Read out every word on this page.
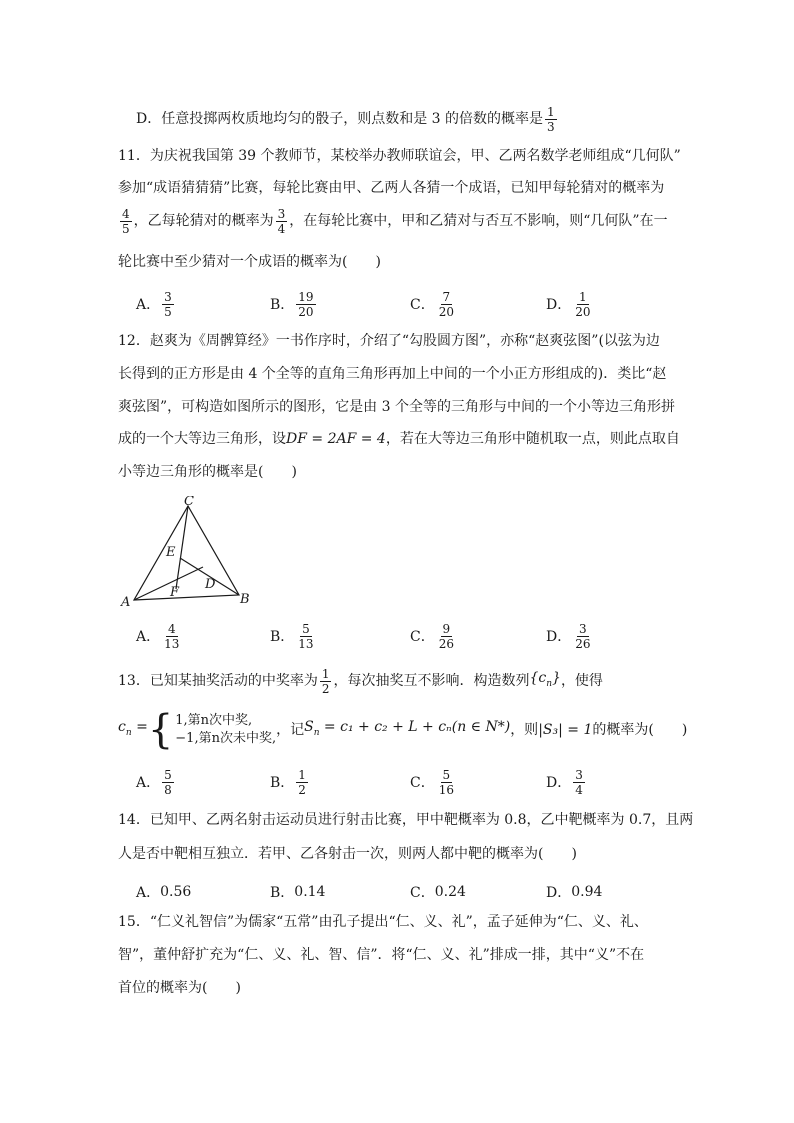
D．任意投掷两枚质地均匀的骰子，则点数和是 3 的倍数的概率是 $\frac{1}{3}$
11．为庆祝我国第 39 个教师节，某校举办教师联谊会，甲、乙两名数学老师组成“几何队”
参加“成语猜猜猜”比赛，每轮比赛由甲、乙两人各猜一个成语，已知甲每轮猜对的概率为
$\frac{4}{5}$ ，乙每轮猜对的概率为 $\frac{3}{4}$ ，在每轮比赛中，甲和乙猜对与否互不影响，则“几何队”在一
轮比赛中至少猜对一个成语的概率为(　　)
A． $\frac{3}{5}$	B． $\frac{19}{20}$	C． $\frac{7}{20}$	D． $\frac{1}{20}$
12．赵爽为《周髀算经》一书作序时，介绍了“勾股圆方图”，亦称“赵爽弦图”(以弦为边
长得到的正方形是由 4 个全等的直角三角形再加上中间的一个小正方形组成的)．类比“赵
爽弦图”，可构造如图所示的图形，它是由 3 个全等的三角形与中间的一个小等边三角形拼
成的一个大等边三角形，设DF = 2AF = 4，若在大等边三角形中随机取一点，则此点取自
小等边三角形的概率是(　　)
C
E
D
F
A	B
A． $\frac{4}{13}$	B． $\frac{5}{13}$	C． $\frac{9}{26}$	D． $\frac{3}{26}$
13．已知某抽奖活动的中奖率为 $\frac{1}{2}$ ，每次抽奖互不影响．构造数列 $\{c_n\}$ ，使得
$c_n$ = { 1,第n次中奖,
−1,第n次未中奖,
，记 $S_n = c_1 + c_2 + L + c_n(n$ ∈ N*) ，则 |S₃| = 1 的概率为(　　)
A． $\frac{5}{8}$	B． $\frac{1}{2}$	C． $\frac{5}{16}$	D． $\frac{3}{4}$
14．已知甲、乙两名射击运动员进行射击比赛，甲中靶概率为 0.8，乙中靶概率为 0.7，且两
人是否中靶相互独立．若甲、乙各射击一次，则两人都中靶的概率为(　　)
A． 0.56	B． 0.14	C． 0.24	D． 0.94
15．“仁义礼智信”为儒家“五常”由孔子提出“仁、义、礼”，孟子延伸为“仁、义、礼、
智”，董仲舒扩充为“仁、义、礼、智、信”．将“仁、义、礼”排成一排，其中“义”不在
首位的概率为(　　)
